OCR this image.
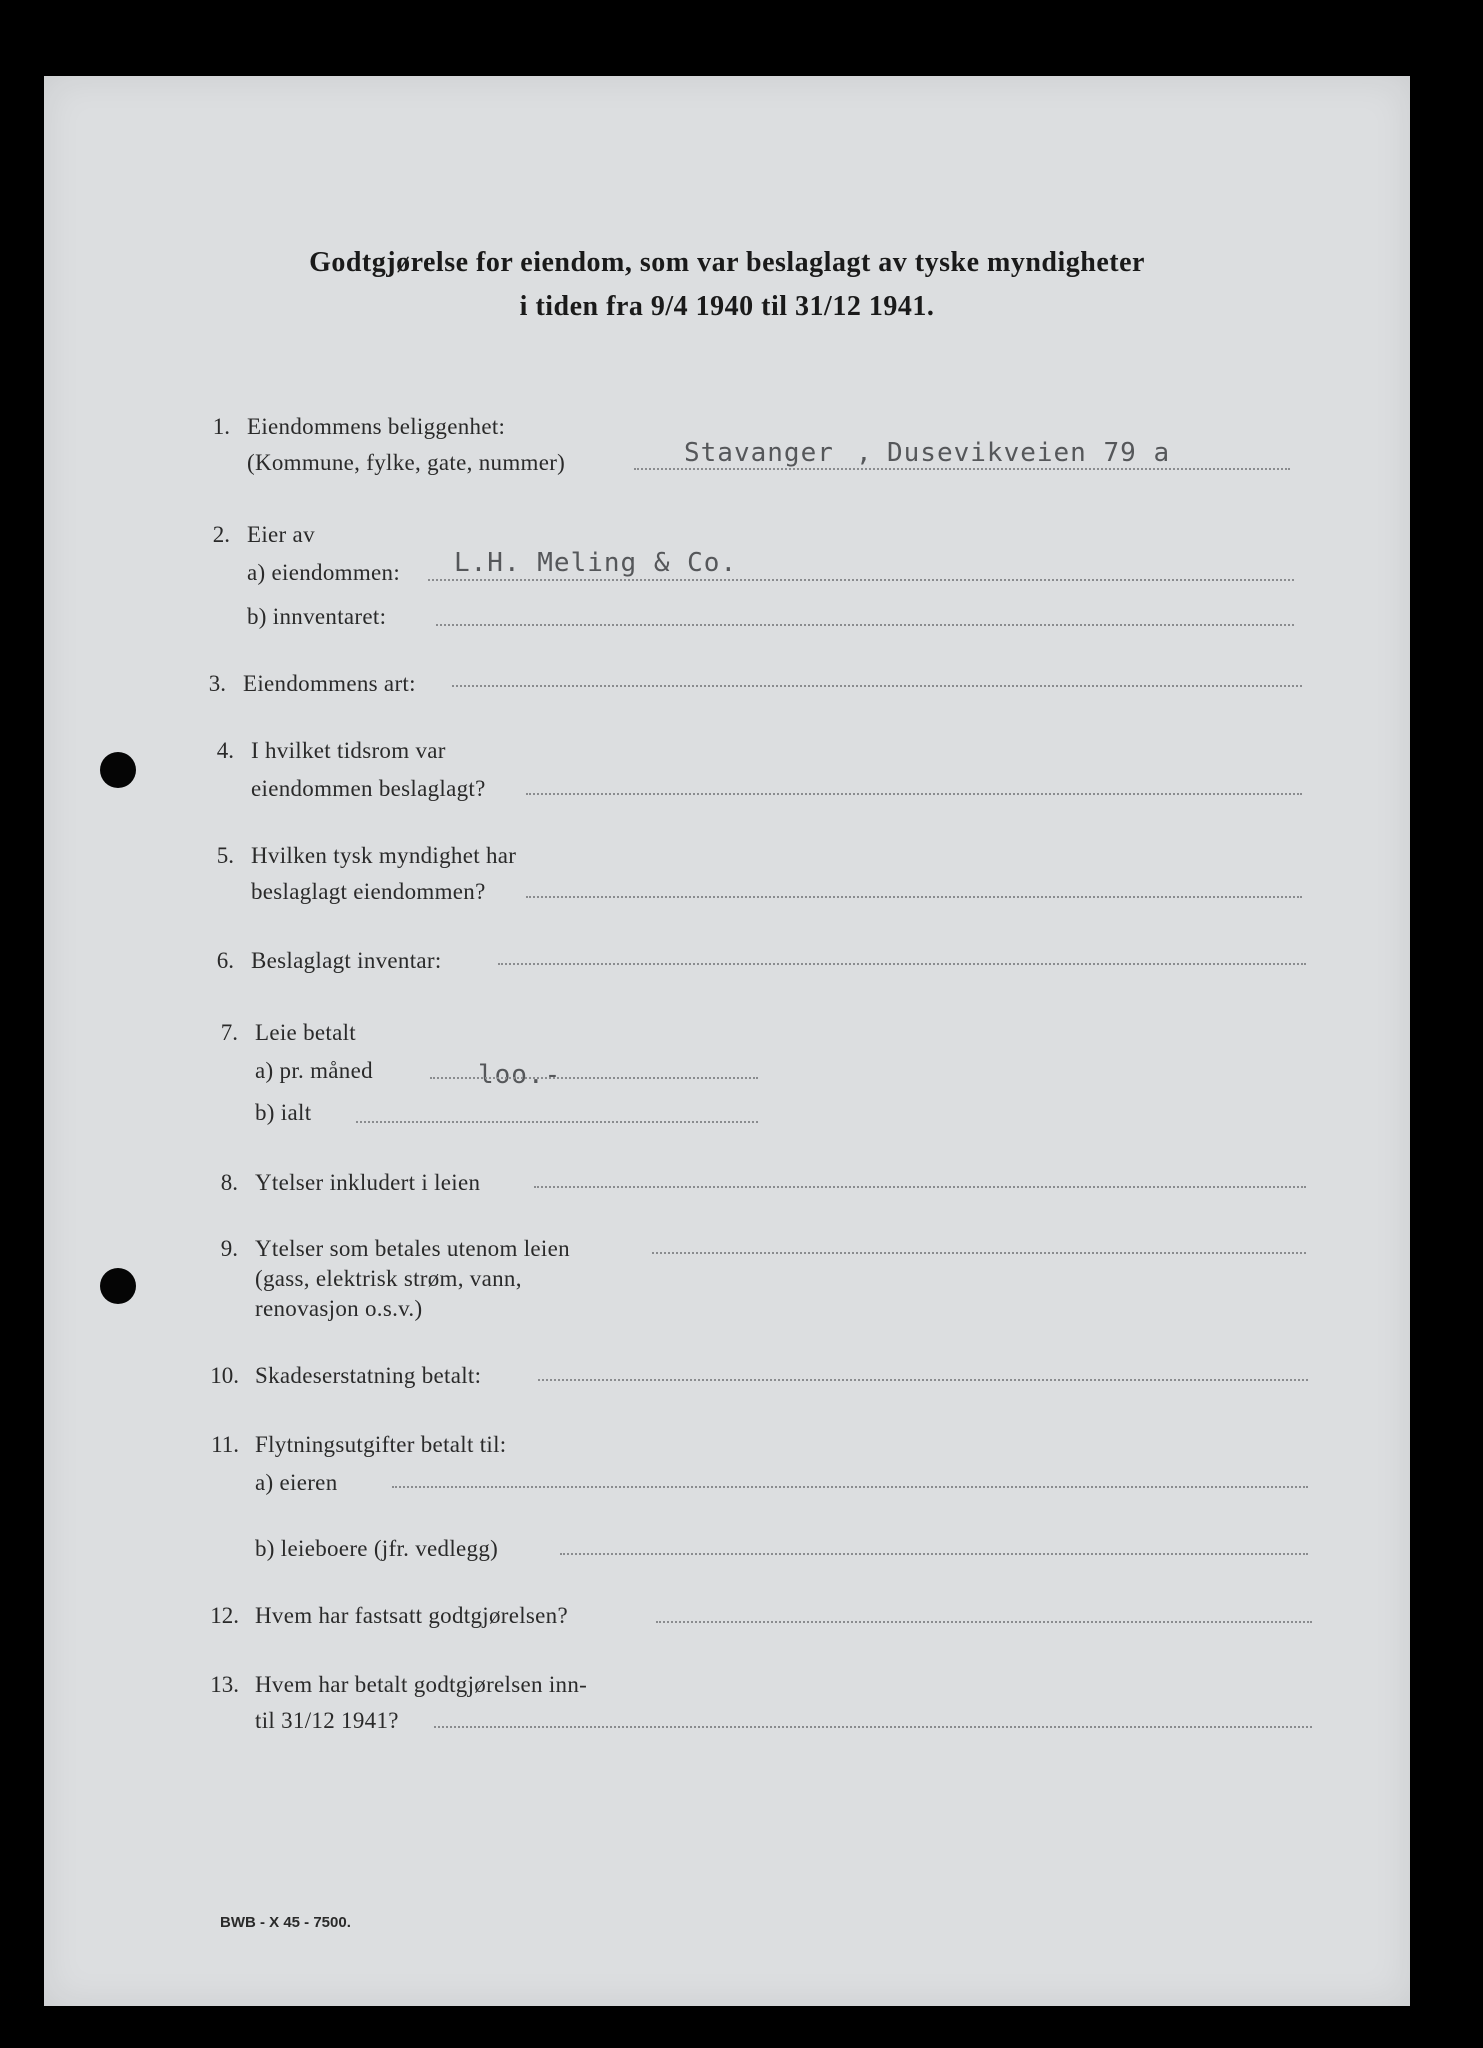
Godtgjørelse for eiendom, som var beslaglagt av tyske myndigheter
i tiden fra 9/4 1940 til 31/12 1941.
1. Eiendommens beliggenhet:
(Kommune, fylke, gate, nummer)	Stavanger , Dusevikveien 79 a
2. Eier av
a) eiendommen: L.H. Meling & Co.
b) innventaret:
3. Eiendommens art:
4. I hvilket tidsrom var
eiendommen beslaglagt?
5. Hvilken tysk myndighet har
beslaglagt eiendommen?
6. Beslaglagt inventar:
7. Leie betalt
a) pr. måned	loo.-
b) ialt
8. Ytelser inkludert i leien
9. Ytelser som betales utenom leien
(gass, elektrisk strøm, vann,
renovasjon o.s.v.)
10. Skadeserstatning betalt:
11. Flytningsutgifter betalt til:
a) eieren
b) leieboere (jfr. vedlegg)
12. Hvem har fastsatt godtgjørelsen?
13. Hvem har betalt godtgjørelsen inn-
til 31/12 1941?
BWB - X 45 - 7500.
